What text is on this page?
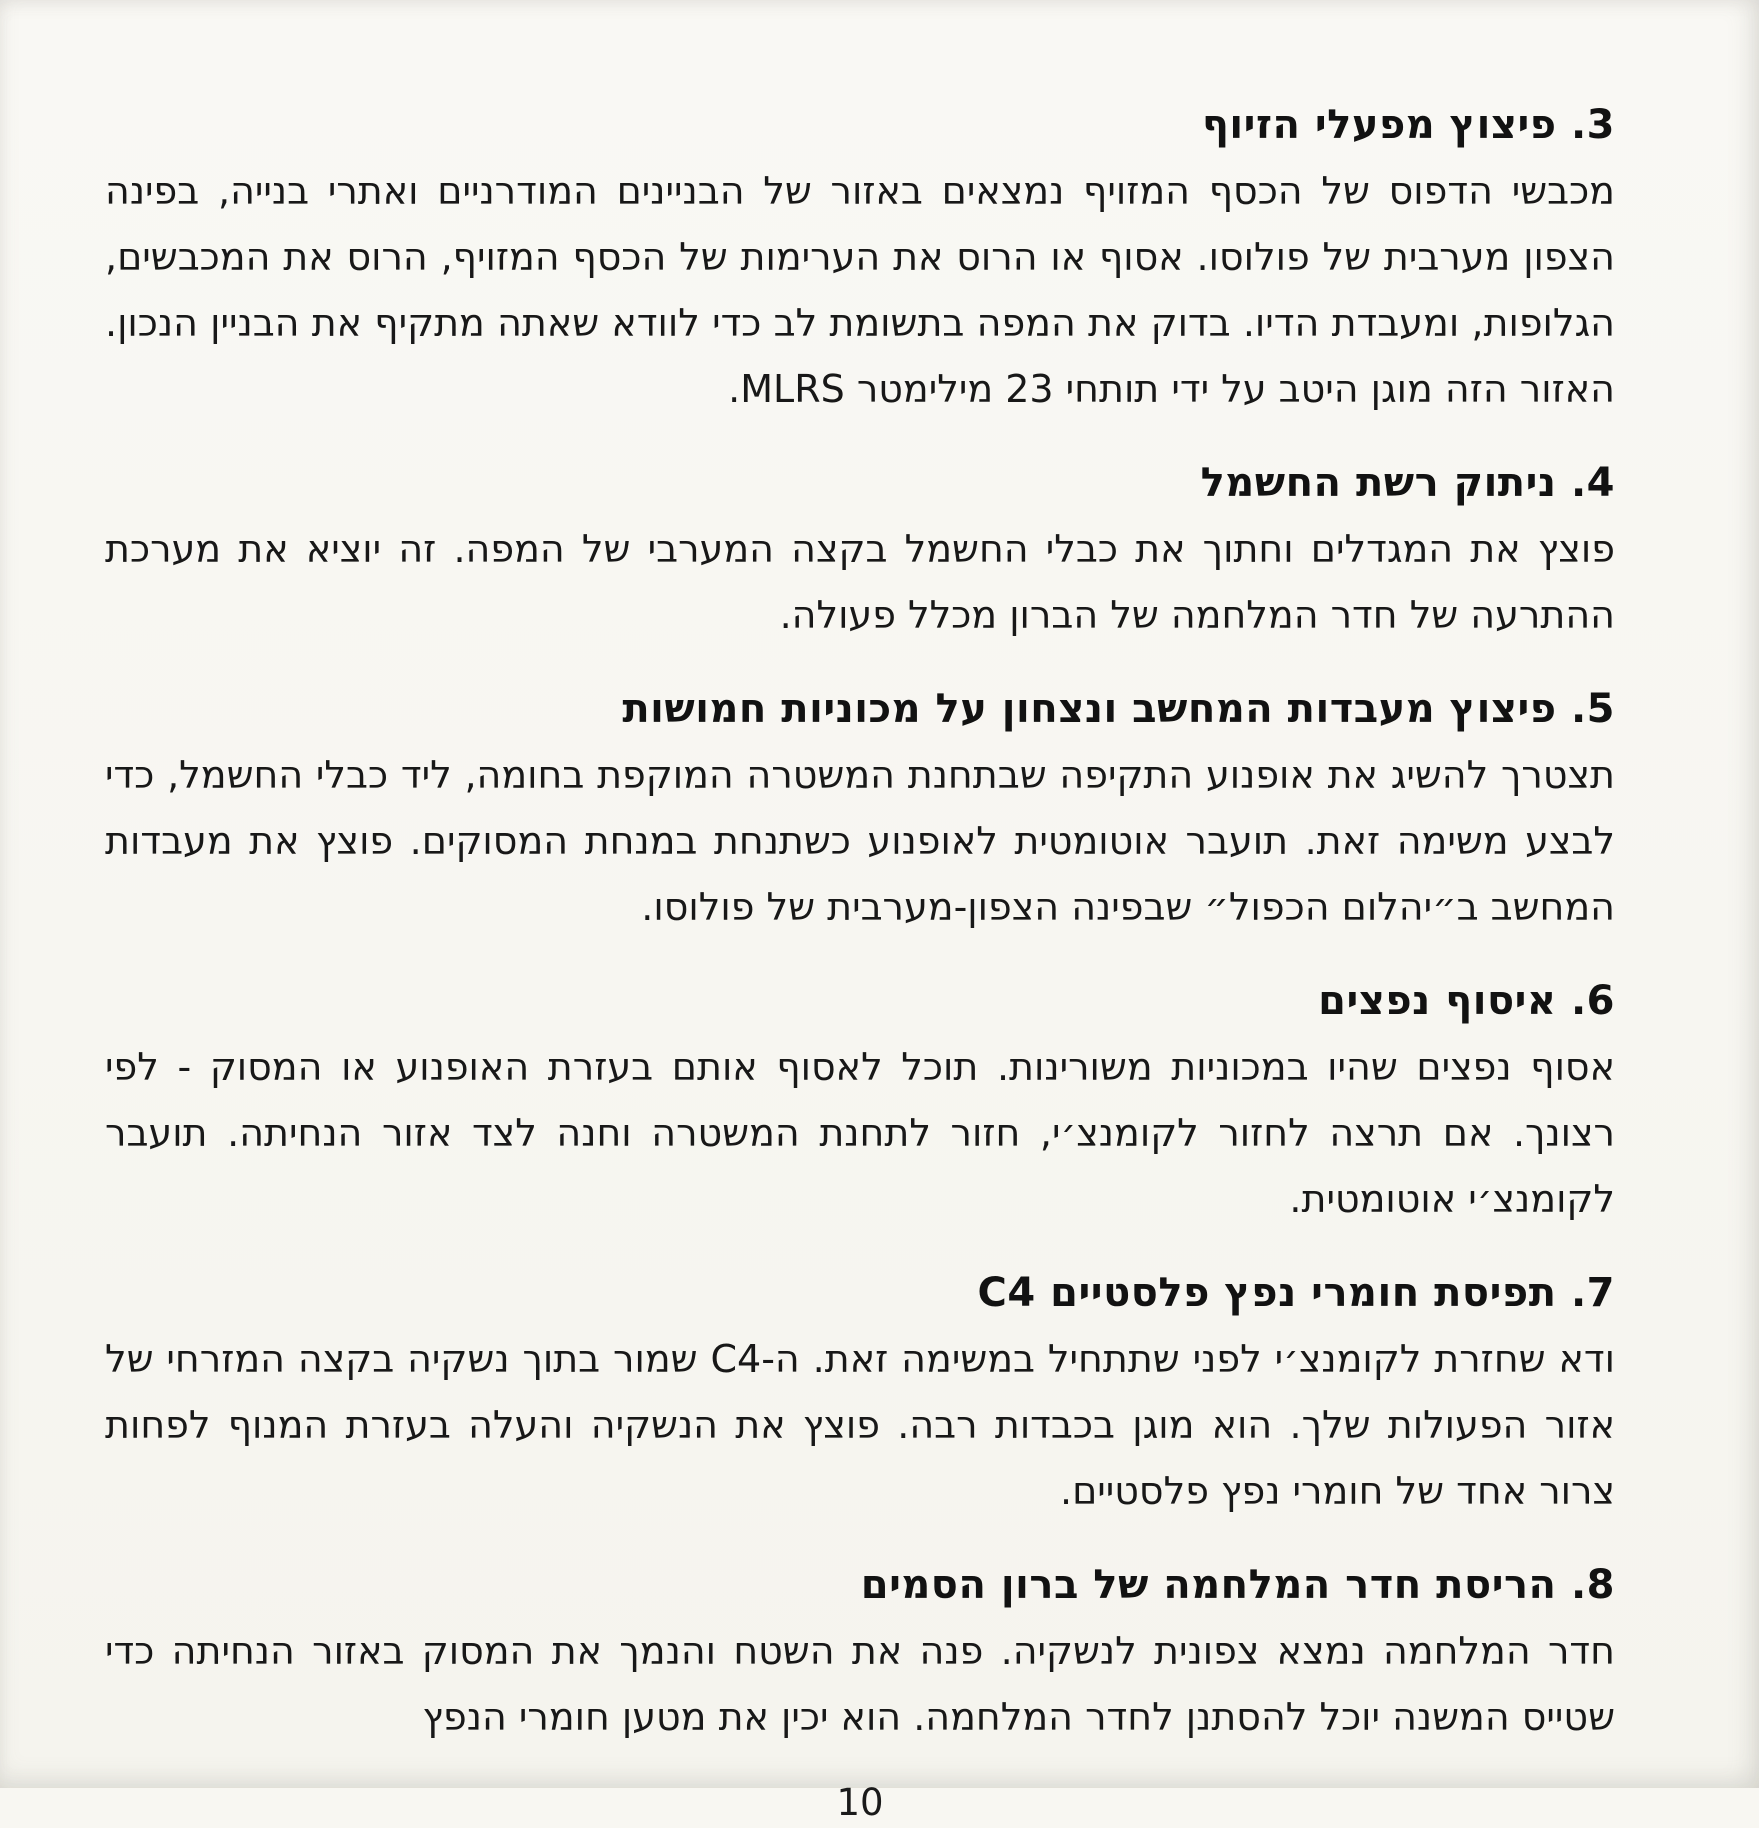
3. פיצוץ מפעלי הזיוף

מכבשי הדפוס של הכסף המזויף נמצאים באזור של הבניינים המודרניים ואתרי בנייה, בפינה הצפון מערבית של פולוסו. אסוף או הרוס את הערימות של הכסף המזויף, הרוס את המכבשים, הגלופות, ומעבדת הדיו. בדוק את המפה בתשומת לב כדי לוודא שאתה מתקיף את הבניין הנכון. האזור הזה מוגן היטב על ידי תותחי 23 מילימטר MLRS.

4. ניתוק רשת החשמל

פוצץ את המגדלים וחתוך את כבלי החשמל בקצה המערבי של המפה. זה יוציא את מערכת ההתרעה של חדר המלחמה של הברון מכלל פעולה.

5. פיצוץ מעבדות המחשב ונצחון על מכוניות חמושות

תצטרך להשיג את אופנוע התקיפה שבתחנת המשטרה המוקפת בחומה, ליד כבלי החשמל, כדי לבצע משימה זאת. תועבר אוטומטית לאופנוע כשתנחת במנחת המסוקים. פוצץ את מעבדות המחשב ב״יהלום הכפול״ שבפינה הצפון-מערבית של פולוסו.

6. איסוף נפצים

אסוף נפצים שהיו במכוניות משורינות. תוכל לאסוף אותם בעזרת האופנוע או המסוק - לפי רצונך. אם תרצה לחזור לקומנצ׳י, חזור לתחנת המשטרה וחנה לצד אזור הנחיתה. תועבר לקומנצ׳י אוטומטית.

7. תפיסת חומרי נפץ פלסטיים C4

ודא שחזרת לקומנצ׳י לפני שתתחיל במשימה זאת. ה-C4 שמור בתוך נשקיה בקצה המזרחי של אזור הפעולות שלך. הוא מוגן בכבדות רבה. פוצץ את הנשקיה והעלה בעזרת המנוף לפחות צרור אחד של חומרי נפץ פלסטיים.

8. הריסת חדר המלחמה של ברון הסמים

חדר המלחמה נמצא צפונית לנשקיה. פנה את השטח והנמך את המסוק באזור הנחיתה כדי שטייס המשנה יוכל להסתנן לחדר המלחמה. הוא יכין את מטען חומרי הנפץ

10
